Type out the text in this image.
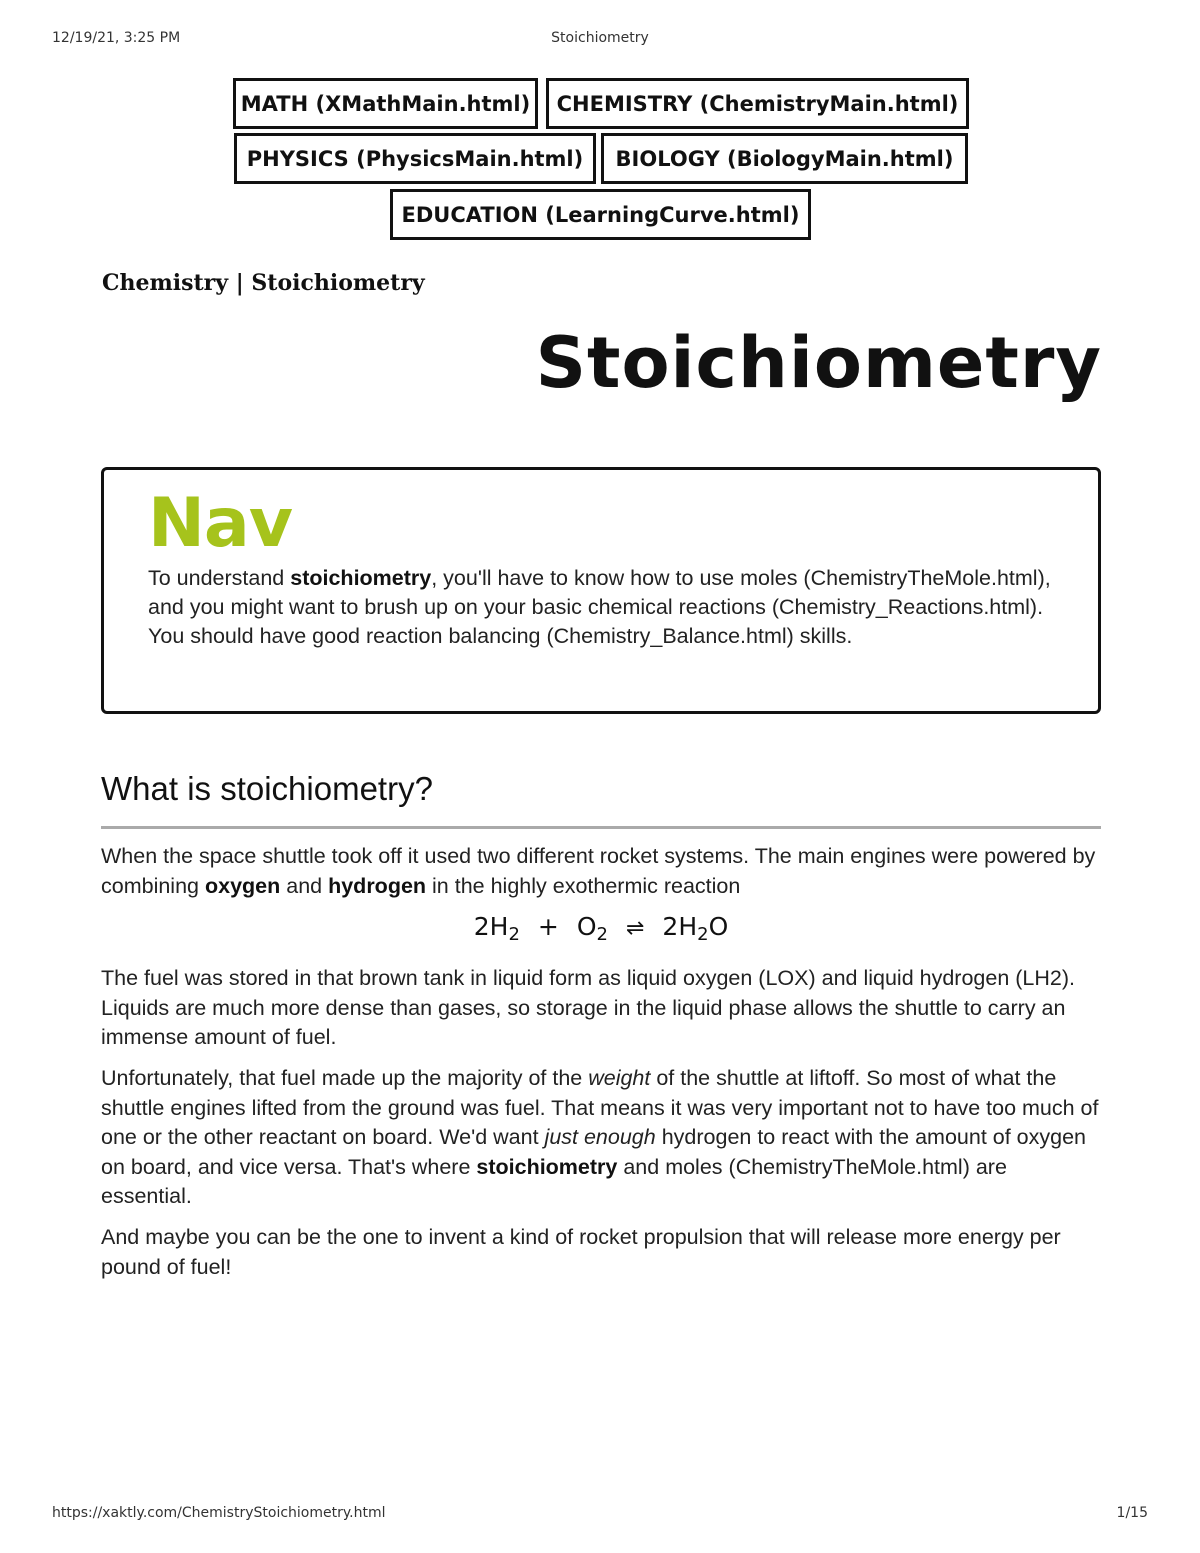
12/19/21, 3:25 PM	Stoichiometry
MATH (XMathMain.html)	CHEMISTRY (ChemistryMain.html)
PHYSICS (PhysicsMain.html)	BIOLOGY (BiologyMain.html)
EDUCATION (LearningCurve.html)
Chemistry | Stoichiometry
Stoichiometry
Nav
To understand stoichiometry, you'll have to know how to use moles (ChemistryTheMole.html), and you might want to brush up on your basic chemical reactions (Chemistry_Reactions.html). You should have good reaction balancing (Chemistry_Balance.html) skills.
What is stoichiometry?

When the space shuttle took off it used two different rocket systems. The main engines were powered by combining oxygen and hydrogen in the highly exothermic reaction

$2H_2 + O_2$ ⇌ $2H_2O$

The fuel was stored in that brown tank in liquid form as liquid oxygen (LOX) and liquid hydrogen (LH2). Liquids are much more dense than gases, so storage in the liquid phase allows the shuttle to carry an immense amount of fuel.

Unfortunately, that fuel made up the majority of the weight of the shuttle at liftoff. So most of what the shuttle engines lifted from the ground was fuel. That means it was very important not to have too much of one or the other reactant on board. We'd want just enough hydrogen to react with the amount of oxygen on board, and vice versa. That's where stoichiometry and moles (ChemistryTheMole.html) are essential.

And maybe you can be the one to invent a kind of rocket propulsion that will release more energy per pound of fuel!

https://xaktly.com/ChemistryStoichiometry.html	1/15
